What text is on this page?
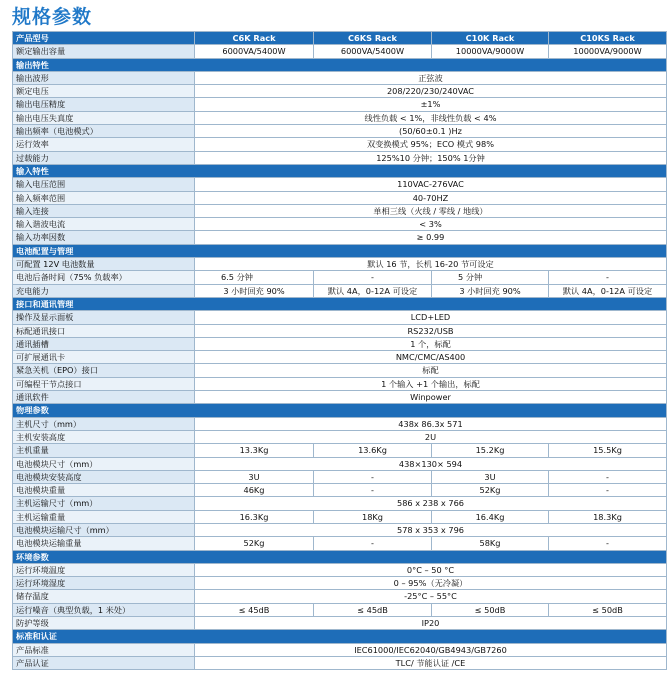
规格参数
产品型号	C6K Rack	C6KS Rack	C10K Rack	C10KS Rack
额定输出容量	6000VA/5400W	6000VA/5400W	10000VA/9000W	10000VA/9000W
输出特性				
输出波形	正弦波			
额定电压	208/220/230/240VAC			
输出电压精度	±1%			
输出电压失真度	线性负载 < 1%，非线性负载 < 4%			
输出频率（电池模式）	(50/60±0.1 )Hz			
运行效率	双变换模式 95%；ECO 模式 98%			
过载能力	125%10 分钟；150% 1分钟			
输入特性				
输入电压范围	110VAC-276VAC			
输入频率范围	40-70HZ			
输入连接	单相三线（火线 / 零线 / 地线）			
输入谐波电流	< 3%			
输入功率因数	≥ 0.99			
电池配置与管理				
可配置 12V 电池数量	默认 16 节，长机 16-20 节可设定			
电池后备时间（75% 负载率）	6.5 分钟	-	5 分钟	-
充电能力	3 小时回充 90%	默认 4A，0-12A 可设定	3 小时回充 90%	默认 4A，0-12A 可设定
接口和通讯管理				
操作及显示面板	LCD+LED			
标配通讯接口	RS232/USB			
通讯插槽	1 个，标配			
可扩展通讯卡	NMC/CMC/AS400			
紧急关机（EPO）接口	标配			
可编程干节点接口	1 个输入 +1 个输出，标配			
通讯软件	Winpower			
物理参数				
主机尺寸（mm）	438x 86.3x 571			
主机安装高度	2U			
主机重量	13.3Kg	13.6Kg	15.2Kg	15.5Kg
电池模块尺寸（mm）	438×130× 594			
电池模块安装高度	3U	-	3U	-
电池模块重量	46Kg	-	52Kg	-
主机运输尺寸（mm）	586 x 238 x 766			
主机运输重量	16.3Kg	18Kg	16.4Kg	18.3Kg
电池模块运输尺寸（mm）	578 x 353 x 796			
电池模块运输重量	52Kg	-	58Kg	-
环境参数				
运行环境温度	0°C – 50 °C			
运行环境湿度	0 – 95%（无冷凝）			
储存温度	-25°C – 55°C			
运行噪音（典型负载，1 米处）	≤ 45dB	≤ 45dB	≤ 50dB	≤ 50dB
防护等级	IP20			
标准和认证				
产品标准	IEC61000/IEC62040/GB4943/GB7260			
产品认证	TLC/ 节能认证 /CE			
